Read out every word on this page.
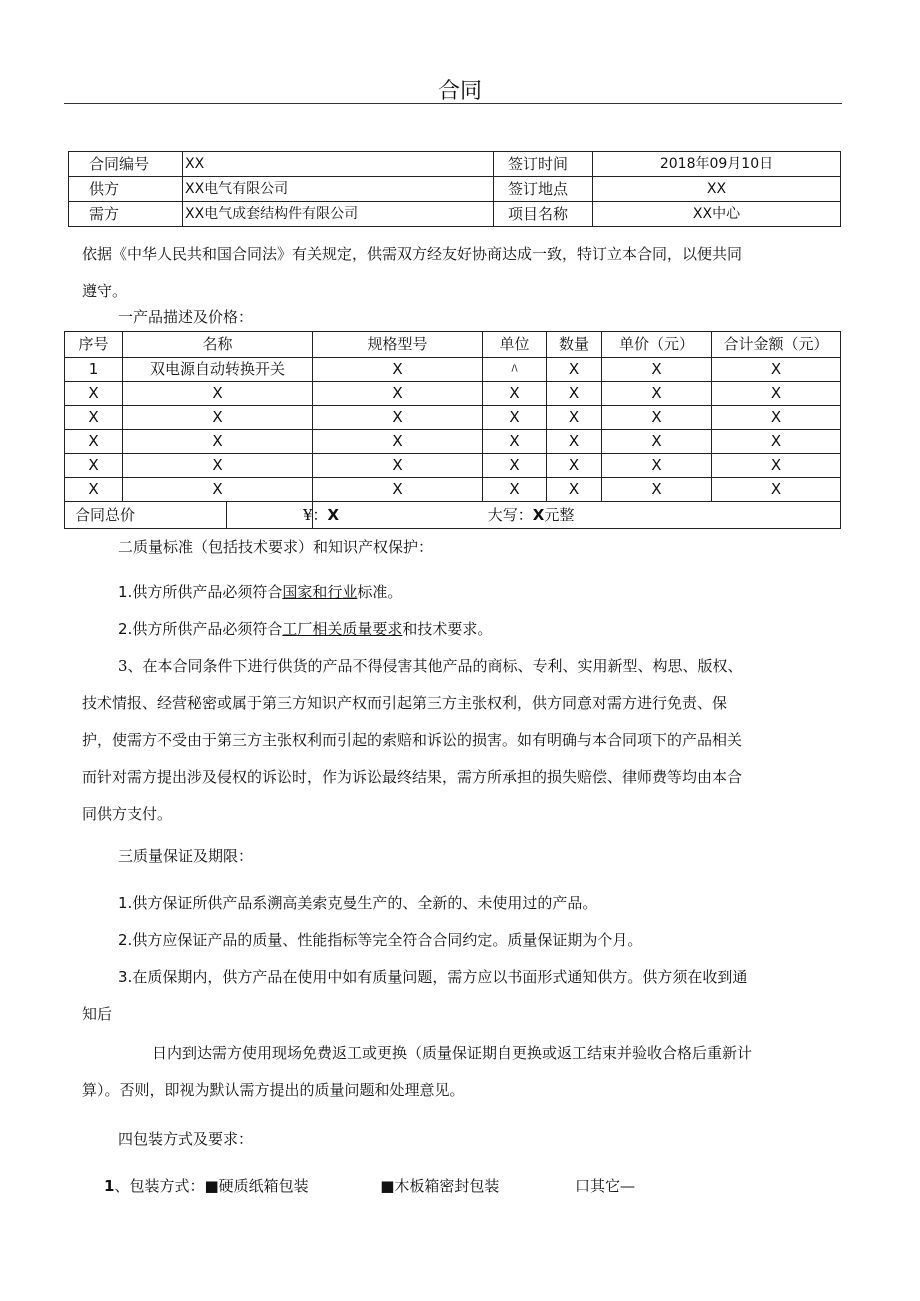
合同
合同编号	XX	签订时间	2018年09月10日
供方	XX电气有限公司	签订地点	XX
需方	XX电气成套结构件有限公司	项目名称	XX中心
依据《中华人民共和国合同法》有关规定，供需双方经友好协商达成一致，特订立本合同，以便共同
遵守。
一产品描述及价格：
序号	名称	规格型号	单位	数量	单价（元）	合计金额（元）
1	双电源自动转换开关	X	/\	X	X	X
X	X	X	X	X	X	X
X	X	X	X	X	X	X
X	X	X	X	X	X	X
X	X	X	X	X	X	X
X	X	X	X	X	X	X
合同总价		¥：X 大写：X元整				
二质量标准（包括技术要求）和知识产权保护：
1.供方所供产品必须符合国家和行业标准。
2.供方所供产品必须符合工厂相关质量要求和技术要求。
3、在本合同条件下进行供货的产品不得侵害其他产品的商标、专利、实用新型、构思、版权、
技术情报、经营秘密或属于第三方知识产权而引起第三方主张权利，供方同意对需方进行免责、保
护，使需方不受由于第三方主张权利而引起的索赔和诉讼的损害。如有明确与本合同项下的产品相关
而针对需方提出涉及侵权的诉讼时，作为诉讼最终结果，需方所承担的损失赔偿、律师费等均由本合
同供方支付。
三质量保证及期限：
1.供方保证所供产品系溯高美索克曼生产的、全新的、未使用过的产品。
2.供方应保证产品的质量、性能指标等完全符合合同约定。质量保证期为个月。
3.在质保期内，供方产品在使用中如有质量问题，需方应以书面形式通知供方。供方须在收到通
知后
日内到达需方使用现场免费返工或更换（质量保证期自更换或返工结束并验收合格后重新计
算）。否则，即视为默认需方提出的质量问题和处理意见。
四包装方式及要求：
1、包装方式：■硬质纸箱包装	■木板箱密封包装	口其它—
